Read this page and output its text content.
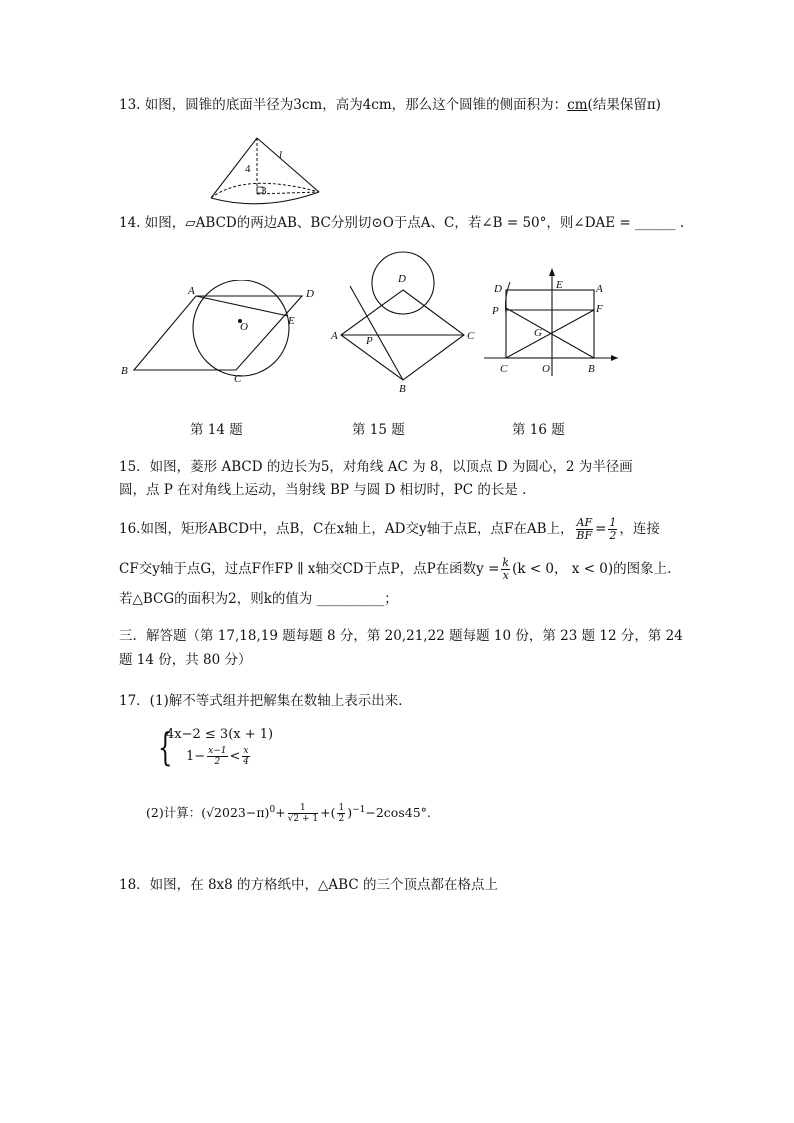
13. 如图，圆锥的底面半径为3cm，高为4cm，那么这个圆锥的侧面积为：cm(结果保留π)
4
l
3
14. 如图，▱ABCD的两边AB、BC分别切⊙O于点A、C，若∠B = 50°，则∠DAE = ______ .
A	D
O	E
B
C
第 14 题
D
A	P	C
B
第 15 题
D	E	A
P	F
G
C	O	B
第 16 题
15．如图，菱形 ABCD 的边长为5，对角线 AC 为 8，以顶点 D 为圆心，2 为半径画
圆，点 P 在对角线上运动，当射线 BP 与圆 D 相切时，PC 的长是 .
16.如图，矩形ABCD中，点B，C在x轴上，AD交y轴于点E，点F在AB上， $\frac{AF}{BF} = \frac{1}{2}$ ，连接
CF交y轴于点G，过点F作FP ∥ x轴交CD于点P，点P在函数$y = \frac{k}{x} (k < 0$， x < 0)的图象上.
若△BCG的面积为2，则k的值为 __________；
三．解答题（第 17,18,19 题每题 8 分，第 20,21,22 题每题 10 份，第 23 题 12 分，第 24
题 14 份，共 80 分）
17．(1)解不等式组并把解集在数轴上表示出来．
{
4x−2 ≤ 3(x + 1)
$1- \frac{x-1}{2} < \frac{x}{4}$
(2)计算：$(√2023-\pi)^0+ \frac{1}{√2 + 1}$ +( $\frac{1}{2} )^{-1}-2\cos 45^\circ$.
18．如图，在 8x8 的方格纸中，△ABC 的三个顶点都在格点上
